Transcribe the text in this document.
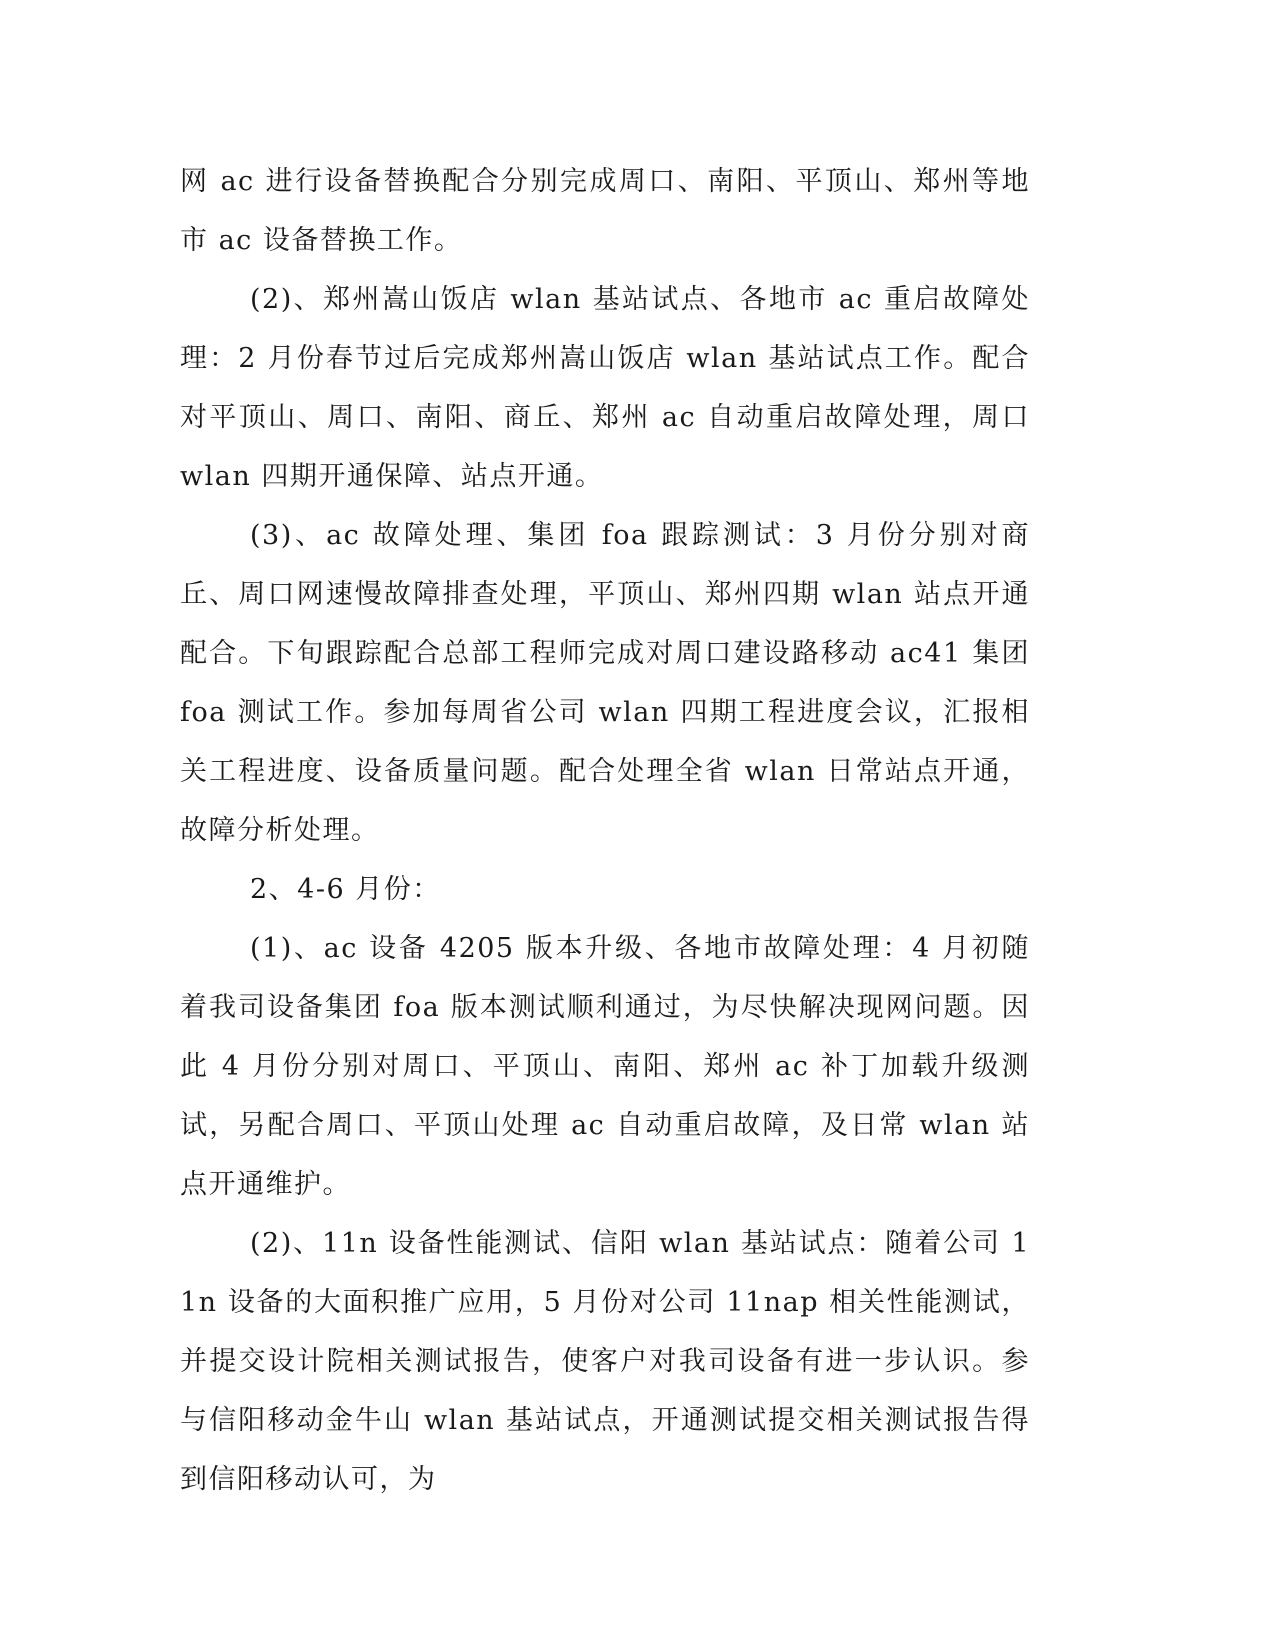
网 ac 进行设备替换配合分别完成周口、南阳、平顶山、郑州等地市 ac 设备替换工作。

(2)、郑州嵩山饭店 wlan 基站试点、各地市 ac 重启故障处理：2 月份春节过后完成郑州嵩山饭店 wlan 基站试点工作。配合对平顶山、周口、南阳、商丘、郑州 ac 自动重启故障处理，周口 wlan 四期开通保障、站点开通。

(3)、ac 故障处理、集团 foa 跟踪测试：3 月份分别对商丘、周口网速慢故障排查处理，平顶山、郑州四期 wlan 站点开通配合。下旬跟踪配合总部工程师完成对周口建设路移动 ac41 集团 foa 测试工作。参加每周省公司 wlan 四期工程进度会议，汇报相关工程进度、设备质量问题。配合处理全省 wlan 日常站点开通，故障分析处理。

2、4-6 月份：

(1)、ac 设备 4205 版本升级、各地市故障处理：4 月初随着我司设备集团 foa 版本测试顺利通过，为尽快解决现网问题。因此 4 月份分别对周口、平顶山、南阳、郑州 ac 补丁加载升级测试，另配合周口、平顶山处理 ac 自动重启故障，及日常 wlan 站点开通维护。

(2)、11n 设备性能测试、信阳 wlan 基站试点：随着公司 11n 设备的大面积推广应用，5 月份对公司 11nap 相关性能测试，并提交设计院相关测试报告，使客户对我司设备有进一步认识。参与信阳移动金牛山 wlan 基站试点，开通测试提交相关测试报告得到信阳移动认可，为
